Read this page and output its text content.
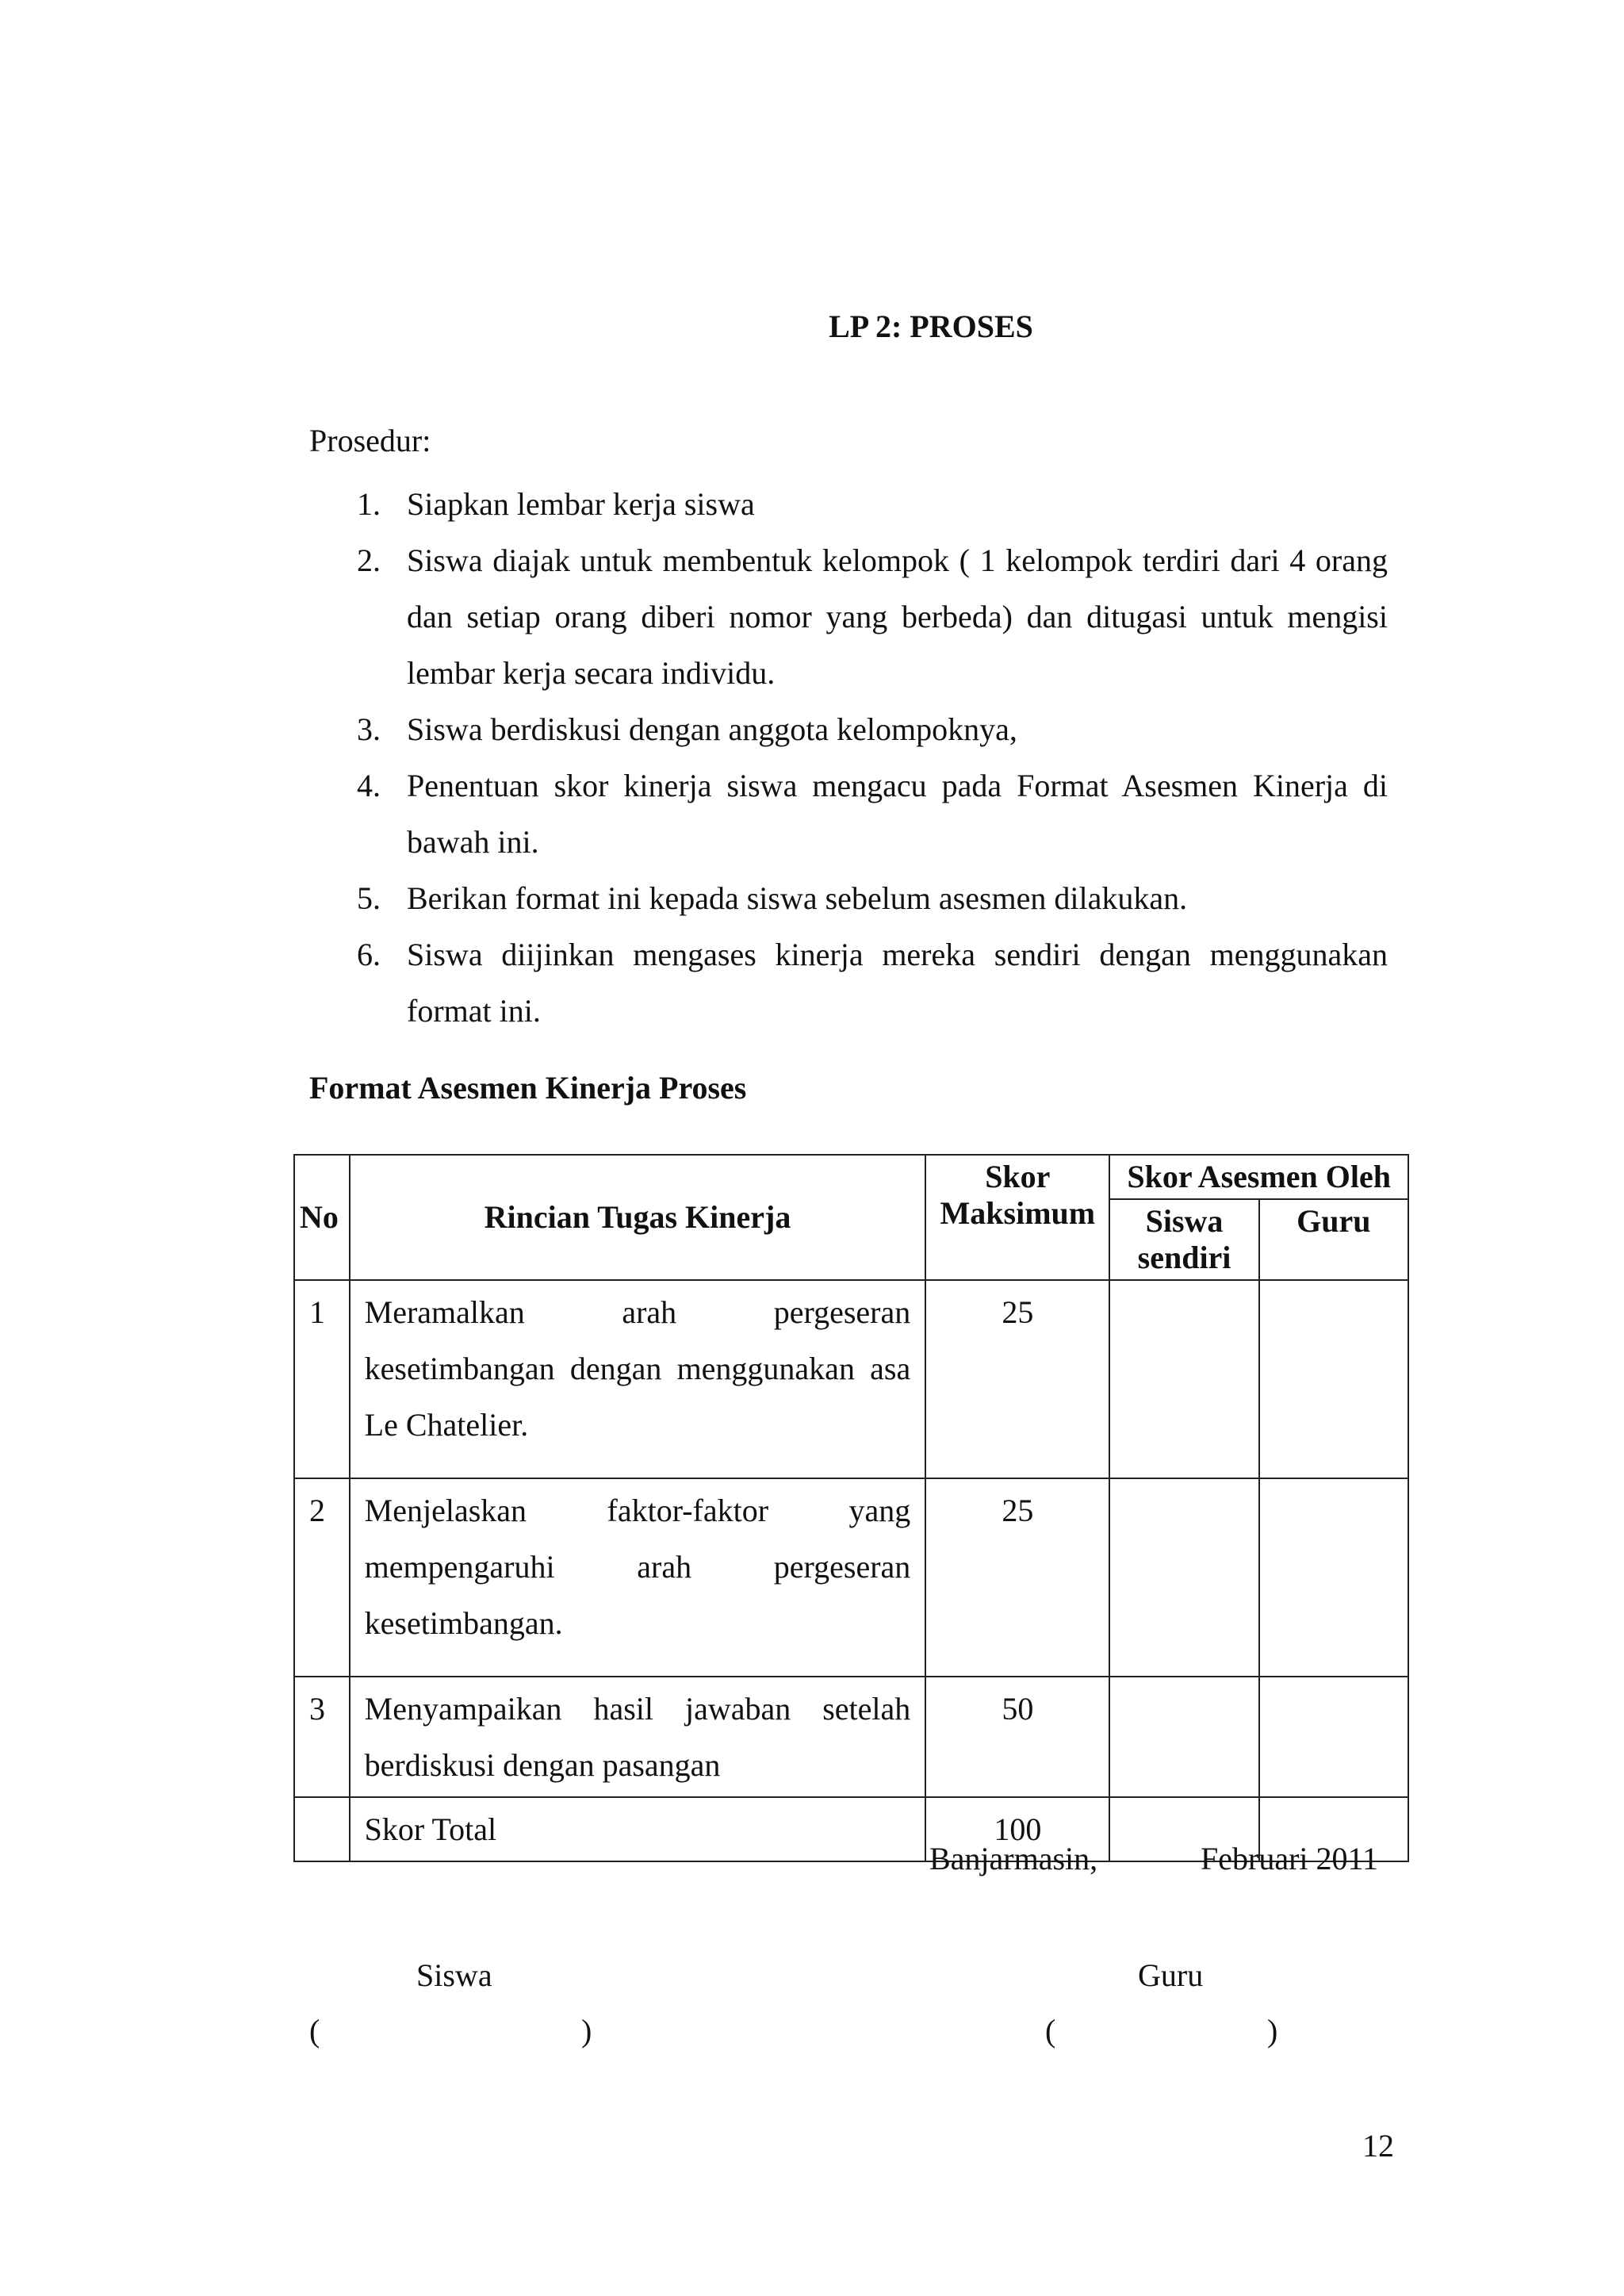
LP 2: PROSES
Prosedur:
1. Siapkan lembar kerja siswa
2. Siswa diajak untuk membentuk kelompok ( 1 kelompok terdiri dari 4 orang dan setiap orang diberi nomor yang berbeda) dan ditugasi untuk mengisi lembar kerja secara individu.
3. Siswa berdiskusi dengan anggota kelompoknya,
4. Penentuan skor kinerja siswa mengacu pada Format Asesmen Kinerja di bawah ini.
5. Berikan format ini kepada siswa sebelum asesmen dilakukan.
6. Siswa diijinkan mengases kinerja mereka sendiri dengan menggunakan format ini.
Format Asesmen Kinerja Proses
No	Rincian Tugas Kinerja	Skor Maksimum	Skor Asesmen Oleh	
			Siswa sendiri	Guru
1	Meramalkan arah pergeseran kesetimbangan dengan menggunakan asa Le Chatelier.	25		
2	Menjelaskan faktor-faktor yang mempengaruhi arah pergeseran kesetimbangan.	25		
3	Menyampaikan hasil jawaban setelah berdiskusi dengan pasangan	50		
	Skor Total	100		
Banjarmasin,	Februari 2011
Siswa	Guru
(	)	(	)
12
